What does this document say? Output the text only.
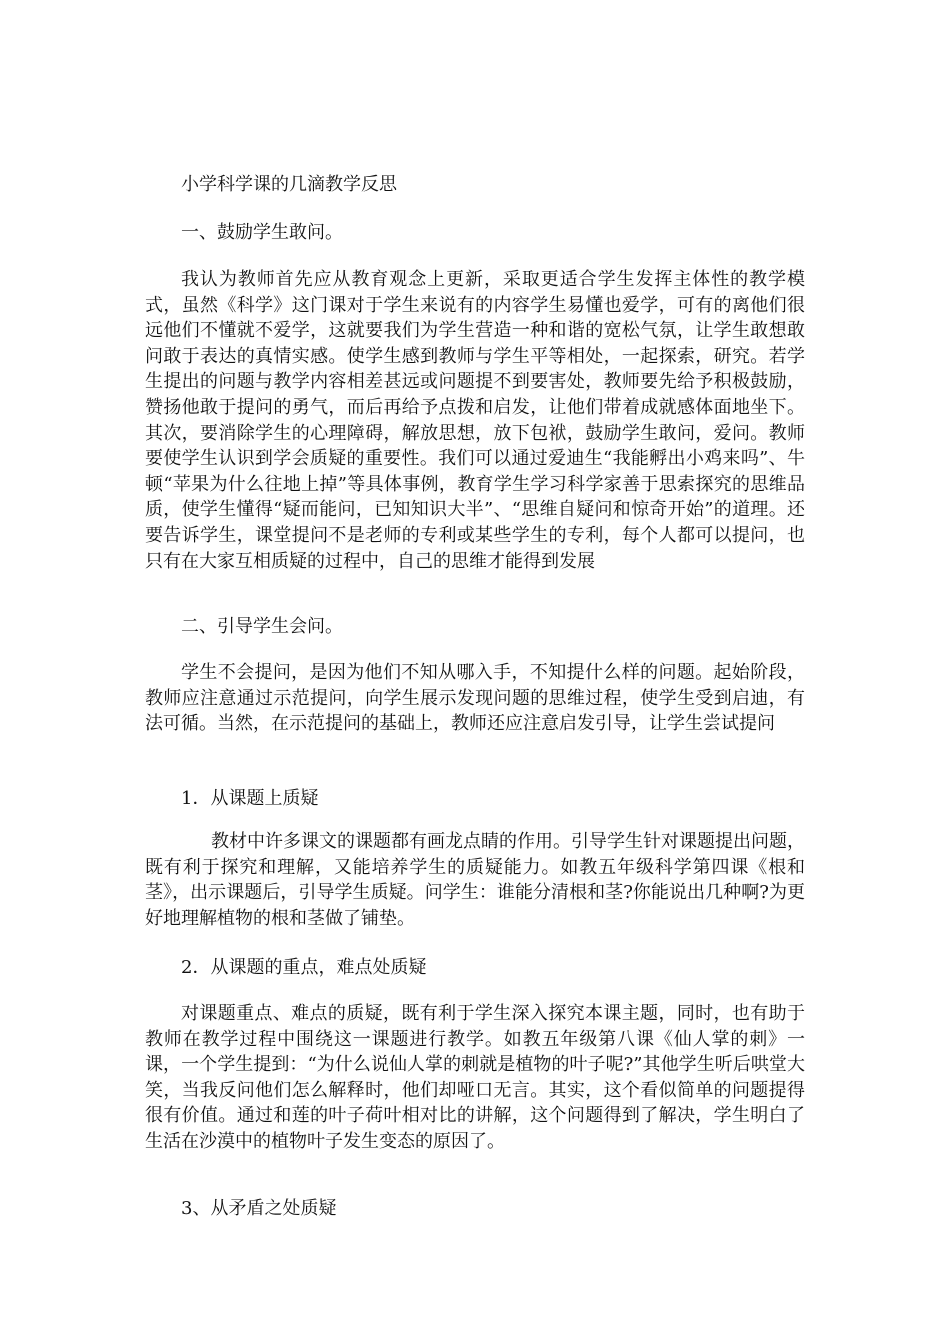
小学科学课的几滴教学反思

一、鼓励学生敢问。

我认为教师首先应从教育观念上更新，采取更适合学生发挥主体性的教学模式，虽然《科学》这门课对于学生来说有的内容学生易懂也爱学，可有的离他们很远他们不懂就不爱学，这就要我们为学生营造一种和谐的宽松气氛，让学生敢想敢问敢于表达的真情实感。使学生感到教师与学生平等相处，一起探索，研究。若学生提出的问题与教学内容相差甚远或问题提不到要害处，教师要先给予积极鼓励，赞扬他敢于提问的勇气，而后再给予点拨和启发，让他们带着成就感体面地坐下。其次，要消除学生的心理障碍，解放思想，放下包袱，鼓励学生敢问，爱问。教师要使学生认识到学会质疑的重要性。我们可以通过爱迪生“我能孵出小鸡来吗”、牛顿“苹果为什么往地上掉”等具体事例，教育学生学习科学家善于思索探究的思维品质，使学生懂得“疑而能问，已知知识大半”、“思维自疑问和惊奇开始”的道理。还要告诉学生，课堂提问不是老师的专利或某些学生的专利，每个人都可以提问，也只有在大家互相质疑的过程中，自己的思维才能得到发展

二、引导学生会问。

学生不会提问，是因为他们不知从哪入手，不知提什么样的问题。起始阶段，教师应注意通过示范提问，向学生展示发现问题的思维过程，使学生受到启迪，有法可循。当然，在示范提问的基础上，教师还应注意启发引导，让学生尝试提问

1．从课题上质疑

教材中许多课文的课题都有画龙点睛的作用。引导学生针对课题提出问题，既有利于探究和理解，又能培养学生的质疑能力。如教五年级科学第四课《根和茎》，出示课题后，引导学生质疑。问学生：谁能分清根和茎?你能说出几种啊?为更好地理解植物的根和茎做了铺垫。

2．从课题的重点，难点处质疑

对课题重点、难点的质疑，既有利于学生深入探究本课主题，同时，也有助于教师在教学过程中围绕这一课题进行教学。如教五年级第八课《仙人掌的刺》一课，一个学生提到：“为什么说仙人掌的刺就是植物的叶子呢?”其他学生听后哄堂大笑，当我反问他们怎么解释时，他们却哑口无言。其实，这个看似简单的问题提得很有价值。通过和莲的叶子荷叶相对比的讲解，这个问题得到了解决，学生明白了生活在沙漠中的植物叶子发生变态的原因了。

3、从矛盾之处质疑
